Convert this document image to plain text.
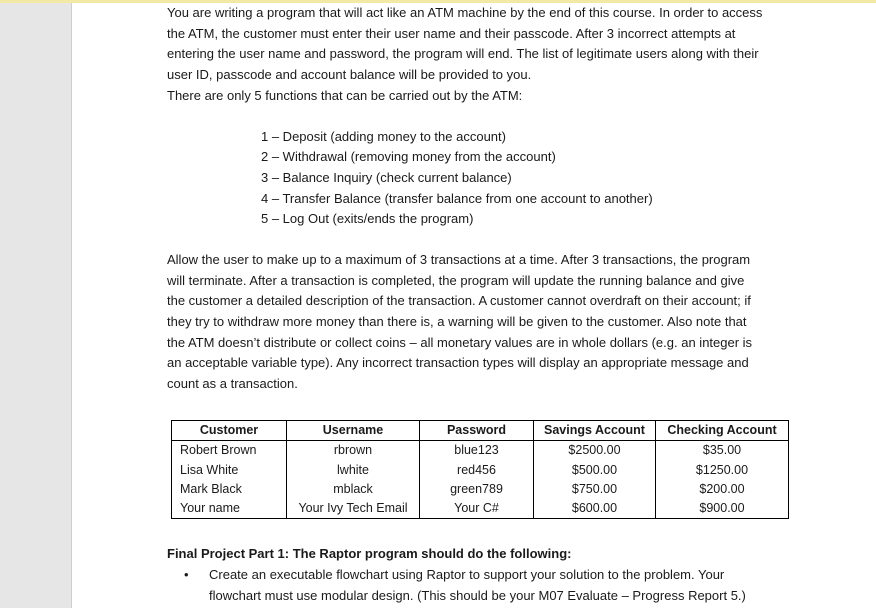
You are writing a program that will act like an ATM machine by the end of this course. In order to access
the ATM, the customer must enter their user name and their passcode. After 3 incorrect attempts at
entering the user name and password, the program will end. The list of legitimate users along with their
user ID, passcode and account balance will be provided to you.
There are only 5 functions that can be carried out by the ATM:

1 – Deposit (adding money to the account)
2 – Withdrawal (removing money from the account)
3 – Balance Inquiry (check current balance)
4 – Transfer Balance (transfer balance from one account to another)
5 – Log Out (exits/ends the program)

Allow the user to make up to a maximum of 3 transactions at a time. After 3 transactions, the program
will terminate. After a transaction is completed, the program will update the running balance and give
the customer a detailed description of the transaction. A customer cannot overdraft on their account; if
they try to withdraw more money than there is, a warning will be given to the customer. Also note that
the ATM doesn’t distribute or collect coins – all monetary values are in whole dollars (e.g. an integer is
an acceptable variable type). Any incorrect transaction types will display an appropriate message and
count as a transaction.

Customer	Username	Password	Savings Account	Checking Account
Robert Brown	rbrown	blue123	$2500.00	$35.00
Lisa White	lwhite	red456	$500.00	$1250.00
Mark Black	mblack	green789	$750.00	$200.00
Your name	Your Ivy Tech Email	Your C#	$600.00	$900.00

Final Project Part 1: The Raptor program should do the following:

• Create an executable flowchart using Raptor to support your solution to the problem. Your
flowchart must use modular design. (This should be your M07 Evaluate – Progress Report 5.)
